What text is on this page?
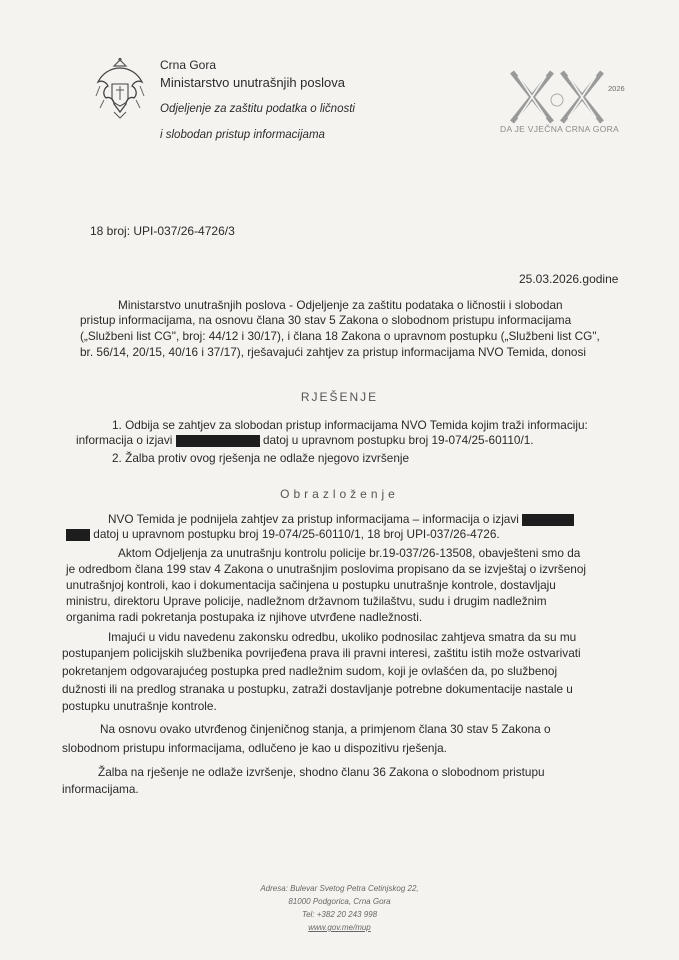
Crna Gora
Ministarstvo unutrašnjih poslova
Odjeljenje za zaštitu podatka o ličnosti
i slobodan pristup informacijama
2026
DA JE VJEČNA CRNA GORA
18 broj: UPI-037/26-4726/3
25.03.2026.godine
Ministarstvo unutrašnjih poslova - Odjeljenje za zaštitu podataka o ličnostii i slobodan
pristup informacijama, na osnovu člana 30 stav 5 Zakona o slobodnom pristupu informacijama
(„Službeni list CG", broj: 44/12 i 30/17), i člana 18 Zakona o upravnom postupku („Službeni list CG",
br. 56/14, 20/15, 40/16 i 37/17), rješavajući zahtjev za pristup informacijama NVO Temida, donosi
RJEŠENJE
1. Odbija se zahtjev za slobodan pristup informacijama NVO Temida kojim traži informaciju:
informacija o izjavi	datoj u upravnom postupku broj 19-074/25-60110/1.
2. Žalba protiv ovog rješenja ne odlaže njegovo izvršenje
Obrazloženje
NVO Temida je podnijela zahtjev za pristup informacijama – informacija o izjavi
datoj u upravnom postupku broj 19-074/25-60110/1, 18 broj UPI-037/26-4726.
Aktom Odjeljenja za unutrašnju kontrolu policije br.19-037/26-13508, obavješteni smo da
je odredbom člana 199 stav 4 Zakona o unutrašnjim poslovima propisano da se izvještaj o izvršenoj
unutrašnjoj kontroli, kao i dokumentacija sačinjena u postupku unutrašnje kontrole, dostavljaju
ministru, direktoru Uprave policije, nadležnom državnom tužilaštvu, sudu i drugim nadležnim
organima radi pokretanja postupaka iz njihove utvrđene nadležnosti.
Imajući u vidu navedenu zakonsku odredbu, ukoliko podnosilac zahtjeva smatra da su mu
postupanjem policijskih službenika povrijeđena prava ili pravni interesi, zaštitu istih može ostvarivati
pokretanjem odgovarajućeg postupka pred nadležnim sudom, koji je ovlašćen da, po službenoj
dužnosti ili na predlog stranaka u postupku, zatraži dostavljanje potrebne dokumentacije nastale u
postupku unutrašnje kontrole.
Na osnovu ovako utvrđenog činjeničnog stanja, a primjenom člana 30 stav 5 Zakona o
slobodnom pristupu informacijama, odlučeno je kao u dispozitivu rješenja.
Žalba na rješenje ne odlaže izvršenje, shodno članu 36 Zakona o slobodnom pristupu
informacijama.
Adresa: Bulevar Svetog Petra Cetinjskog 22,
81000 Podgorica, Crna Gora
Tel: +382 20 243 998
www.gov.me/mup
